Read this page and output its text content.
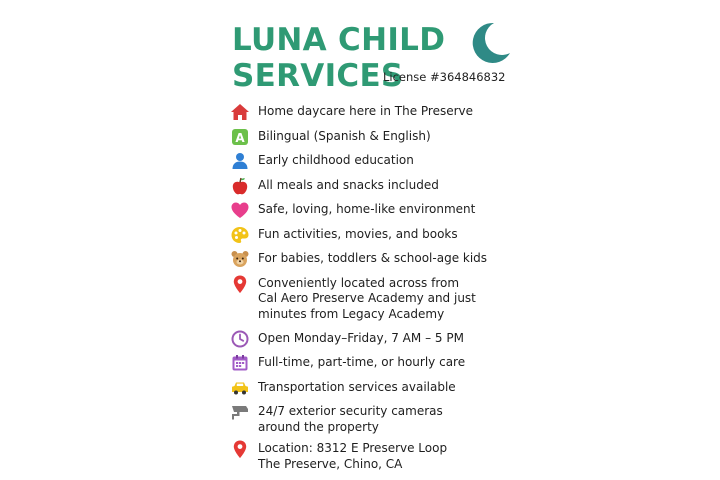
LUNA CHILD
SERVICES
License #364846832
Home daycare here in The Preserve
A Bilingual (Spanish & English)
Early childhood education
All meals and snacks included
Safe, loving, home-like environment
Fun activities, movies, and books
For babies, toddlers & school-age kids
Conveniently located across from
Cal Aero Preserve Academy and just
minutes from Legacy Academy
Open Monday–Friday, 7 AM – 5 PM
Full-time, part-time, or hourly care
Transportation services available
24/7 exterior security cameras
around the property
Location: 8312 E Preserve Loop
The Preserve, Chino, CA
